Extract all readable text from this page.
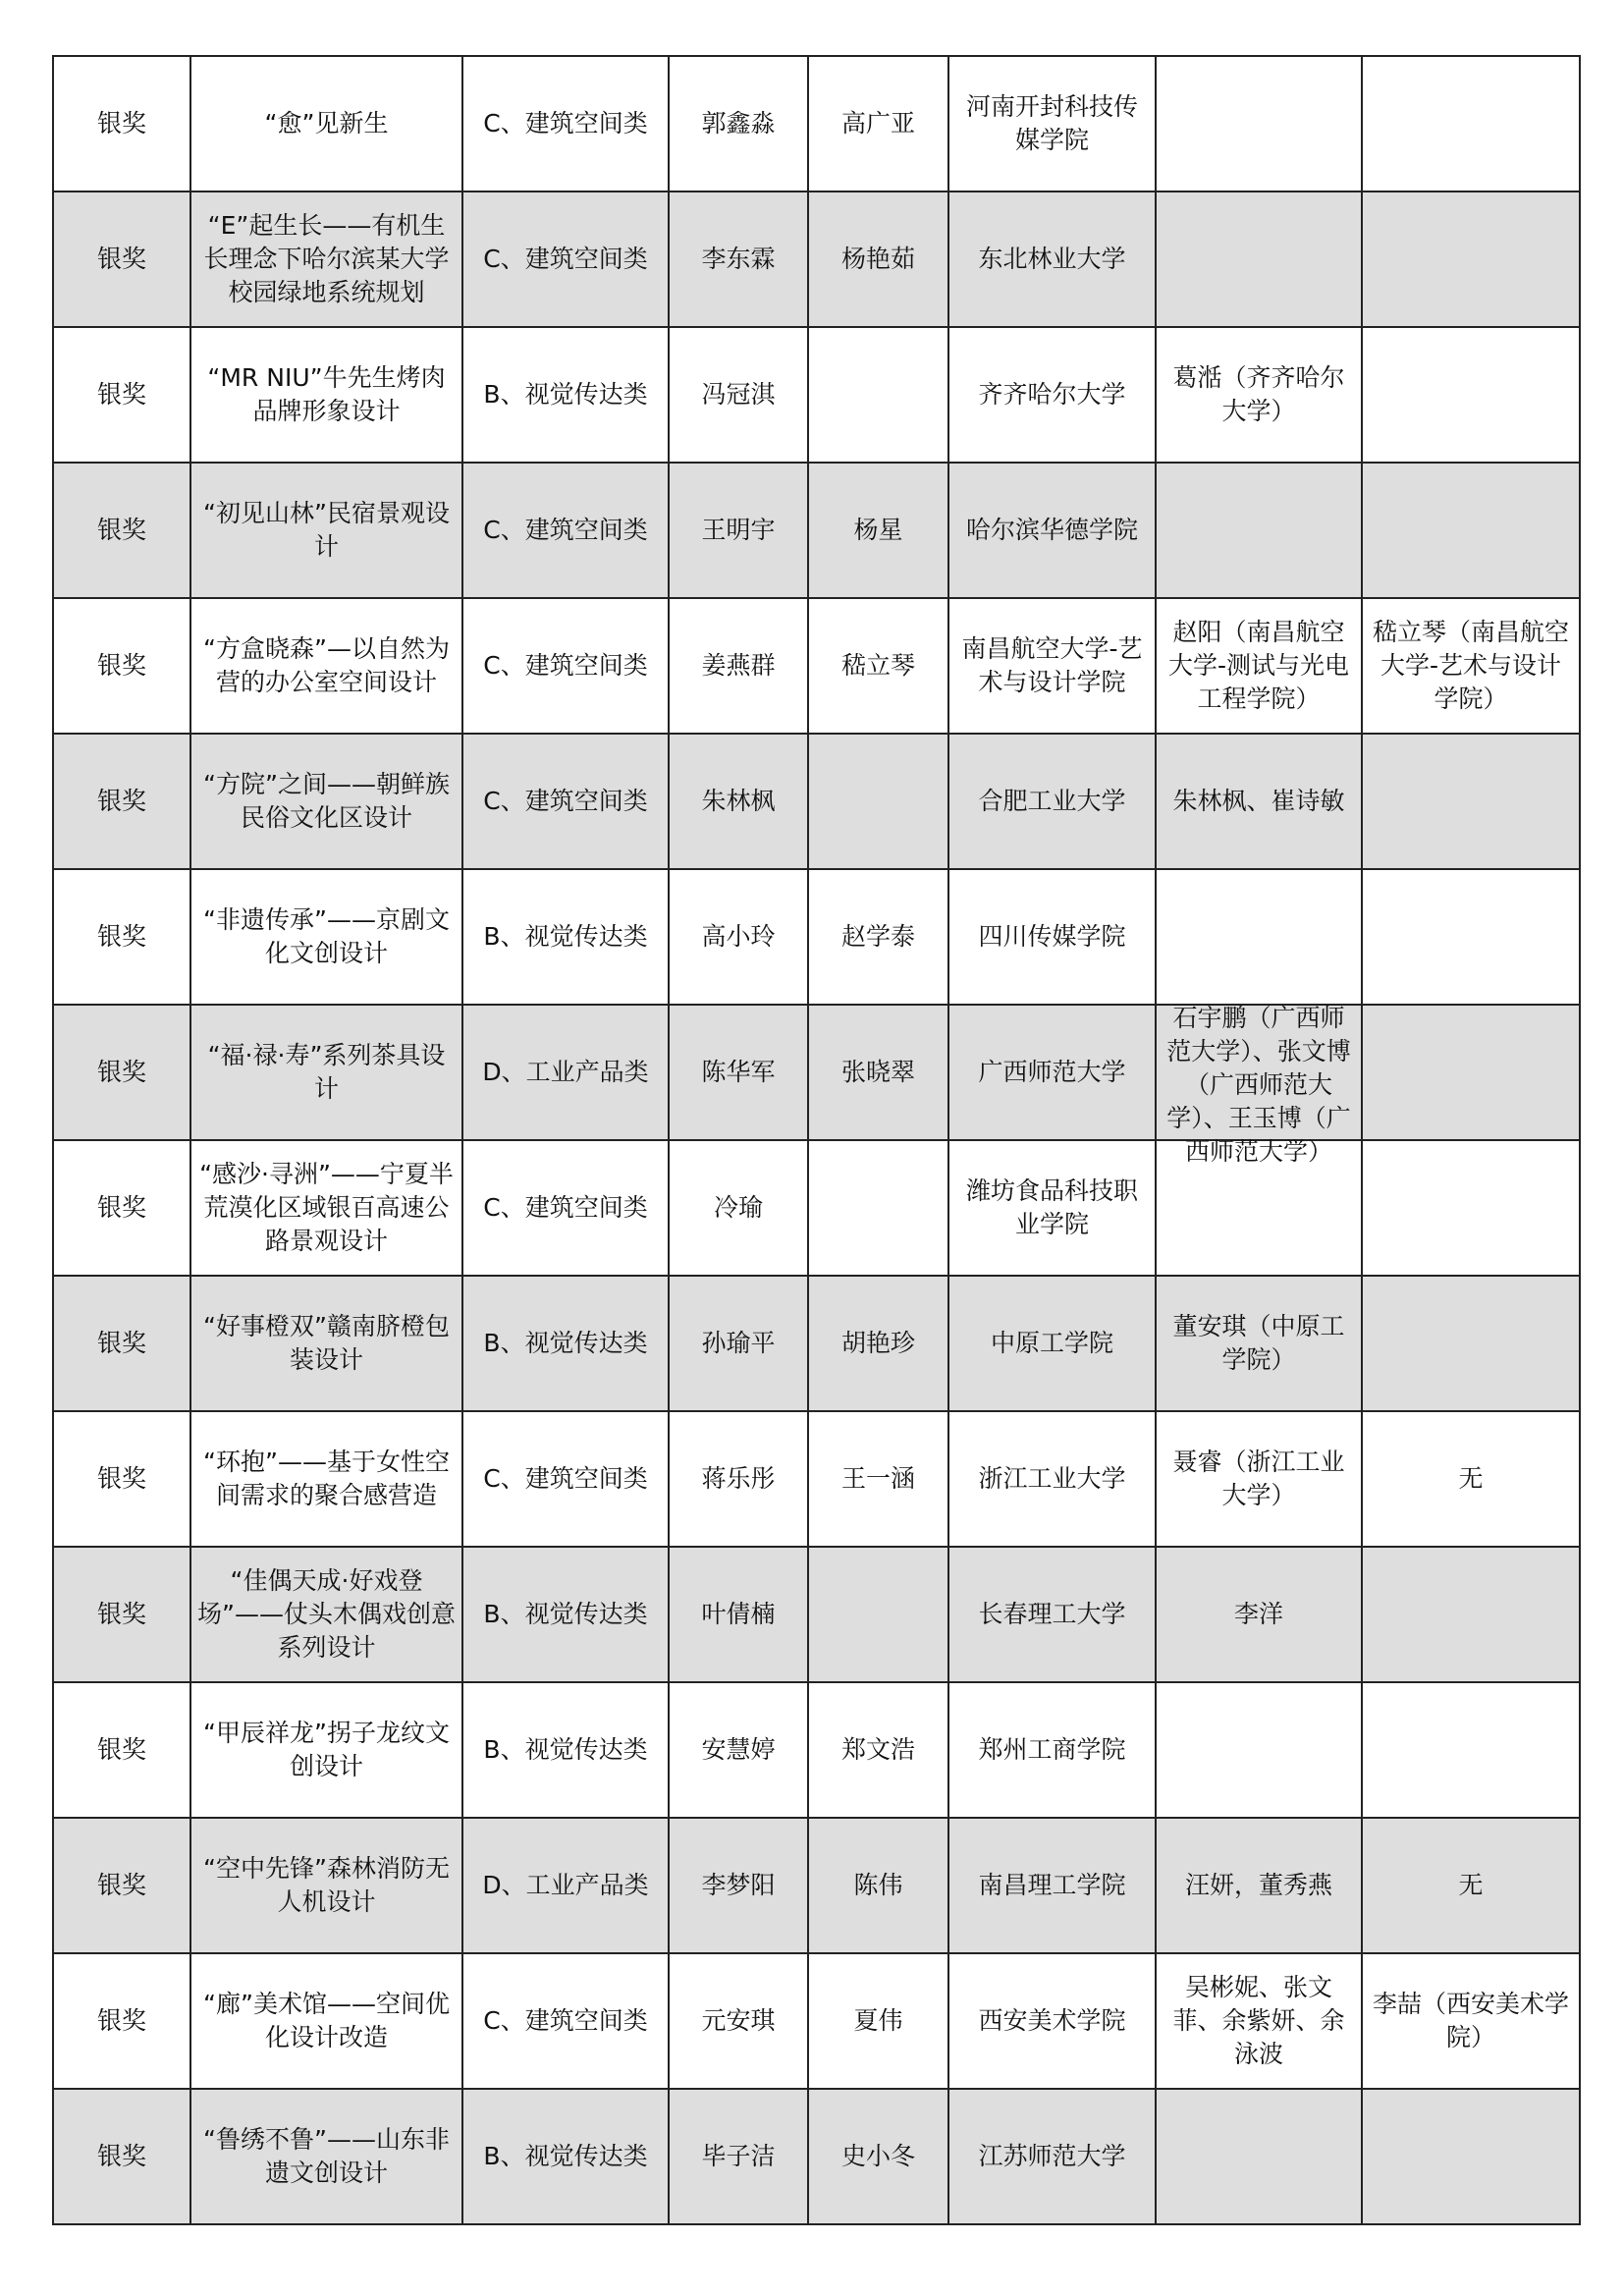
银奖	“愈”见新生	C、建筑空间类	郭鑫淼	高广亚	河南开封科技传媒学院		

银奖	“E”起生长——有机生长理念下哈尔滨某大学校园绿地系统规划	C、建筑空间类	李东霖	杨艳茹	东北林业大学		

银奖	“MR NIU”牛先生烤肉品牌形象设计	B、视觉传达类	冯冠淇		齐齐哈尔大学	葛湉（齐齐哈尔大学）	

银奖	“初见山林”民宿景观设计	C、建筑空间类	王明宇	杨星	哈尔滨华德学院		

银奖	“方盒晓森”—以自然为营的办公室空间设计	C、建筑空间类	姜燕群	嵇立琴	南昌航空大学-艺术与设计学院	赵阳（南昌航空大学-测试与光电工程学院）	嵇立琴（南昌航空大学-艺术与设计学院）

银奖	“方院”之间——朝鲜族民俗文化区设计	C、建筑空间类	朱林枫		合肥工业大学	朱林枫、崔诗敏	

银奖	“非遗传承”——京剧文化文创设计	B、视觉传达类	高小玲	赵学泰	四川传媒学院		

银奖	“福·禄·寿”系列茶具设计	D、工业产品类	陈华军	张晓翠	广西师范大学	石宇鹏（广西师范大学）、张文博（广西师范大学）、王玉博（广西师范大学）	

银奖	“感沙·寻洲”——宁夏半荒漠化区域银百高速公路景观设计	C、建筑空间类	冷瑜		潍坊食品科技职业学院		

银奖	“好事橙双”赣南脐橙包装设计	B、视觉传达类	孙瑜平	胡艳珍	中原工学院	董安琪（中原工学院）	

银奖	“环抱”——基于女性空间需求的聚合感营造	C、建筑空间类	蒋乐彤	王一涵	浙江工业大学	聂睿（浙江工业大学）	无

银奖	“佳偶天成·好戏登场”——仗头木偶戏创意系列设计	B、视觉传达类	叶倩楠		长春理工大学	李洋	

银奖	“甲辰祥龙”拐子龙纹文创设计	B、视觉传达类	安慧婷	郑文浩	郑州工商学院		

银奖	“空中先锋”森林消防无人机设计	D、工业产品类	李梦阳	陈伟	南昌理工学院	汪妍，董秀燕	无

银奖	“廊”美术馆——空间优化设计改造	C、建筑空间类	元安琪	夏伟	西安美术学院	吴彬妮、张文菲、余紫妍、余泳波	李喆（西安美术学院）

银奖	“鲁绣不鲁”——山东非遗文创设计	B、视觉传达类	毕子洁	史小冬	江苏师范大学		
